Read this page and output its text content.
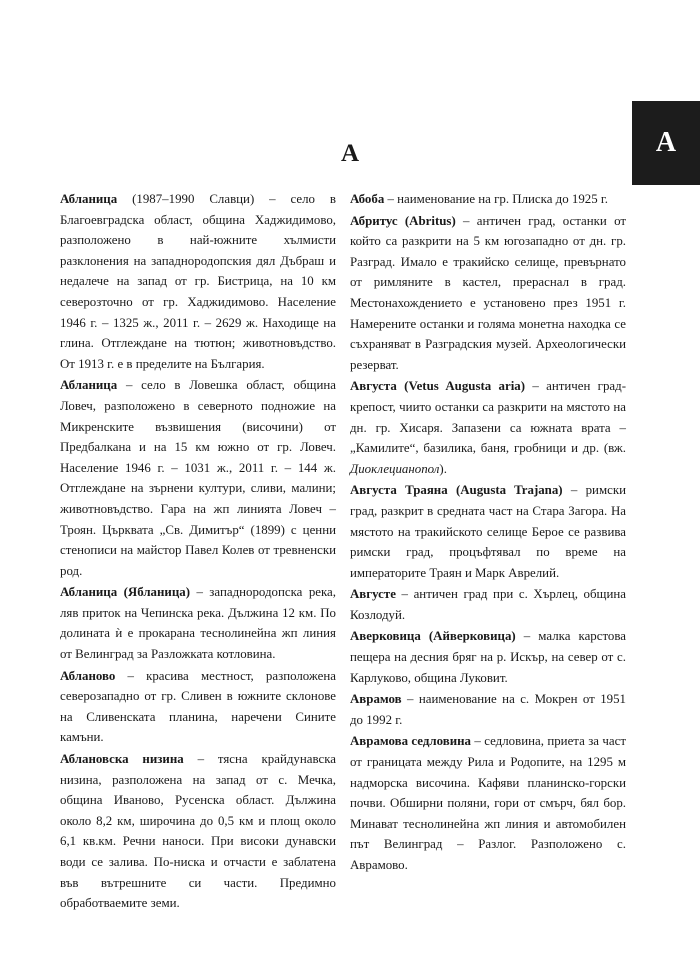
А
А

Абланица (1987–1990 Славци) – село в Благоевградска област, община Хаджидимово, разположено в най-южните хълмисти разклонения на западнородопския дял Дъбраш и недалече на запад от гр. Бистрица, на 10 км северозточно от гр. Хаджидимово. Население 1946 г. – 1325 ж., 2011 г. – 2629 ж. Находище на глина. Отглеждане на тютюн; животновъдство. От 1913 г. е в пределите на България.

Абланица – село в Ловешка област, община Ловеч, разположено в северното подножие на Микренските възвишения (височини) от Предбалкана и на 15 км южно от гр. Ловеч. Население 1946 г. – 1031 ж., 2011 г. – 144 ж. Отглеждане на зърнени култури, сливи, малини; животновъдство. Гара на жп линията Ловеч – Троян. Църквата „Св. Димитър“ (1899) с ценни стенописи на майстор Павел Колев от тревненски род.

Абланица (Ябланица) – западнородопска река, ляв приток на Чепинска река. Дължина 12 км. По долината ѝ е прокарана теснолинейна жп линия от Велинград за Разложката котловина.

Абланово – красива местност, разположена северозападно от гр. Сливен в южните склонове на Сливенската планина, наречени Сините камъни.

Аблановска низина – тясна крайдунавска низина, разположена на запад от с. Мечка, община Иваново, Русенска област. Дължина около 8,2 км, широчина до 0,5 км и площ около 6,1 кв.км. Речни наноси. При високи дунавски води се залива. По-ниска и отчасти е заблатена във вътрешните си части. Предимно обработваемите земи.

Абоба – наименование на гр. Плиска до 1925 г.

Абритус (Abritus) – античен град, останки от който са разкрити на 5 км югозападно от дн. гр. Разград. Имало е тракийско селище, превърнато от римляните в кастел, прераснал в град. Местонахождението е установено през 1951 г. Намерените останки и голяма монетна находка се съхраняват в Разградския музей. Археологически резерват.

Августа (Vetus Augusta aria) – античен град-крепост, чиито останки са разкрити на мястото на дн. гр. Хисаря. Запазени са южната врата – „Камилите“, базилика, баня, гробници и др. (вж. Диоклецианопол).

Августа Траяна (Augusta Trajana) – римски град, разкрит в средната част на Стара Загора. На мястото на тракийското селище Берое се развива римски град, процъфтявал по време на императорите Траян и Марк Аврелий.

Августе – античен град при с. Хърлец, община Козлодуй.

Аверковица (Айверковица) – малка карстова пещера на десния бряг на р. Искър, на север от с. Карлуково, община Луковит.

Аврамов – наименование на с. Мокрен от 1951 до 1992 г.

Аврамова седловина – седловина, приета за част от границата между Рила и Родопите, на 1295 м надморска височина. Кафяви планинско-горски почви. Обширни поляни, гори от смърч, бял бор. Минават теснолинейна жп линия и автомобилен път Велинград – Разлог. Разположено с. Аврамово.
